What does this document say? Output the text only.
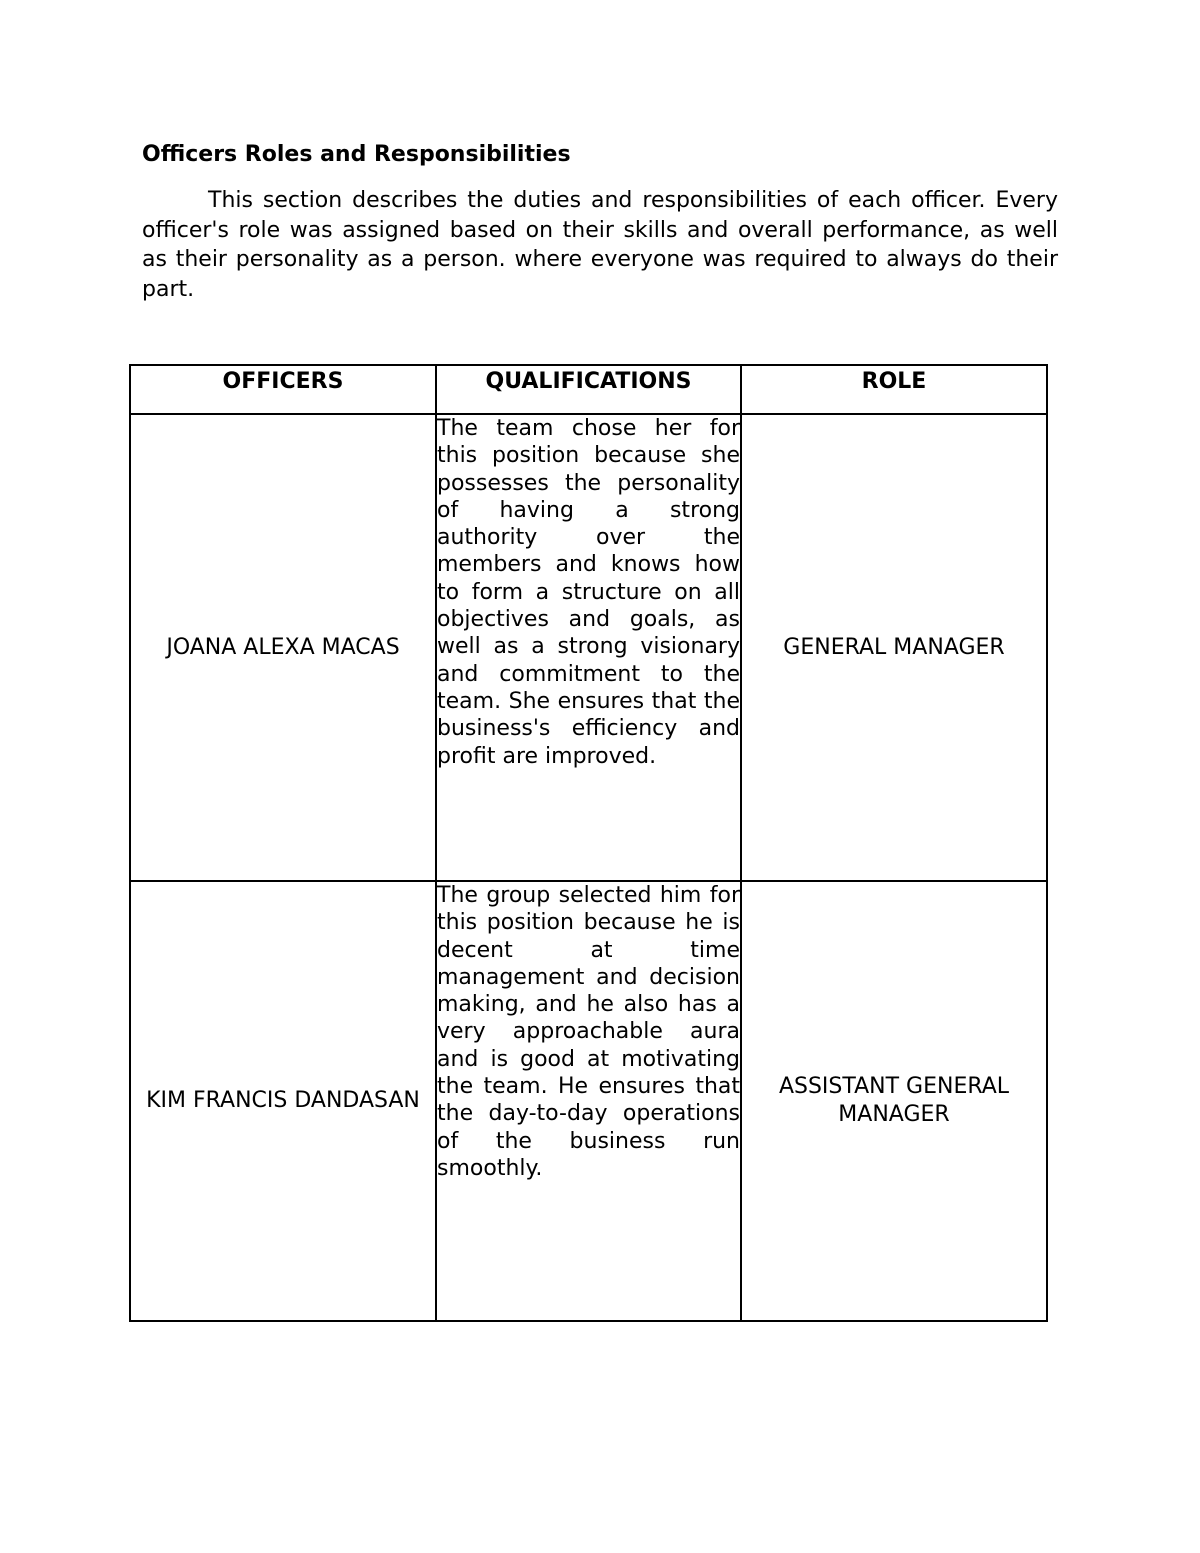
Officers Roles and Responsibilities

This section describes the duties and responsibilities of each officer. Every officer's role was assigned based on their skills and overall performance, as well as their personality as a person. where everyone was required to always do their part.

OFFICERS	QUALIFICATIONS	ROLE
JOANA ALEXA MACAS	The team chose her for this position because she possesses the personality of having a strong authority over the members and knows how to form a structure on all objectives and goals, as well as a strong visionary and commitment to the team. She ensures that the business's efficiency and profit are improved.	GENERAL MANAGER
KIM FRANCIS DANDASAN	The group selected him for this position because he is decent at time management and decision making, and he also has a very approachable aura and is good at motivating the team. He ensures that the day-to-day operations of the business run smoothly.	ASSISTANT GENERAL MANAGER
